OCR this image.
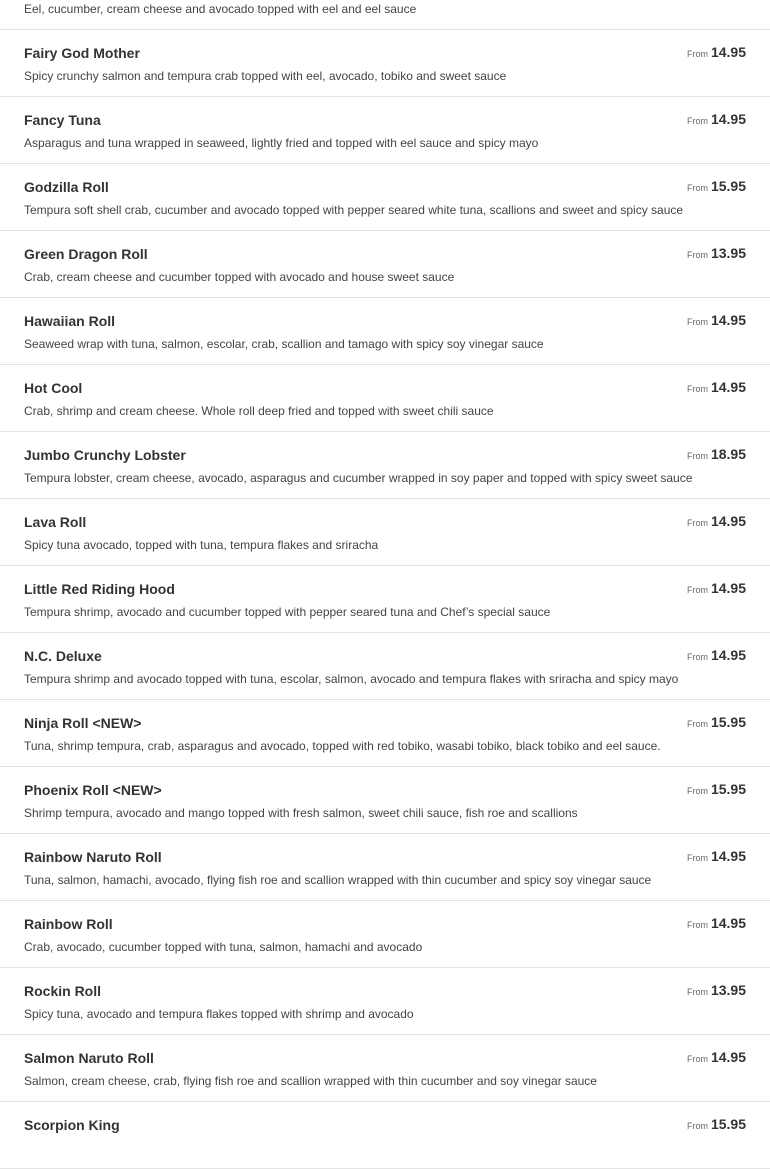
Eel, cucumber, cream cheese and avocado topped with eel and eel sauce
Fairy God Mother	From 14.95
Spicy crunchy salmon and tempura crab topped with eel, avocado, tobiko and sweet sauce
Fancy Tuna	From 14.95
Asparagus and tuna wrapped in seaweed, lightly fried and topped with eel sauce and spicy mayo
Godzilla Roll	From 15.95
Tempura soft shell crab, cucumber and avocado topped with pepper seared white tuna, scallions and sweet and spicy sauce
Green Dragon Roll	From 13.95
Crab, cream cheese and cucumber topped with avocado and house sweet sauce
Hawaiian Roll	From 14.95
Seaweed wrap with tuna, salmon, escolar, crab, scallion and tamago with spicy soy vinegar sauce
Hot Cool	From 14.95
Crab, shrimp and cream cheese. Whole roll deep fried and topped with sweet chili sauce
Jumbo Crunchy Lobster	From 18.95
Tempura lobster, cream cheese, avocado, asparagus and cucumber wrapped in soy paper and topped with spicy sweet sauce
Lava Roll	From 14.95
Spicy tuna avocado, topped with tuna, tempura flakes and sriracha
Little Red Riding Hood	From 14.95
Tempura shrimp, avocado and cucumber topped with pepper seared tuna and Chef’s special sauce
N.C. Deluxe	From 14.95
Tempura shrimp and avocado topped with tuna, escolar, salmon, avocado and tempura flakes with sriracha and spicy mayo
Ninja Roll <NEW>	From 15.95
Tuna, shrimp tempura, crab, asparagus and avocado, topped with red tobiko, wasabi tobiko, black tobiko and eel sauce.
Phoenix Roll <NEW>	From 15.95
Shrimp tempura, avocado and mango topped with fresh salmon, sweet chili sauce, fish roe and scallions
Rainbow Naruto Roll	From 14.95
Tuna, salmon, hamachi, avocado, flying fish roe and scallion wrapped with thin cucumber and spicy soy vinegar sauce
Rainbow Roll	From 14.95
Crab, avocado, cucumber topped with tuna, salmon, hamachi and avocado
Rockin Roll	From 13.95
Spicy tuna, avocado and tempura flakes topped with shrimp and avocado
Salmon Naruto Roll	From 14.95
Salmon, cream cheese, crab, flying fish roe and scallion wrapped with thin cucumber and soy vinegar sauce
Scorpion King	From 15.95
